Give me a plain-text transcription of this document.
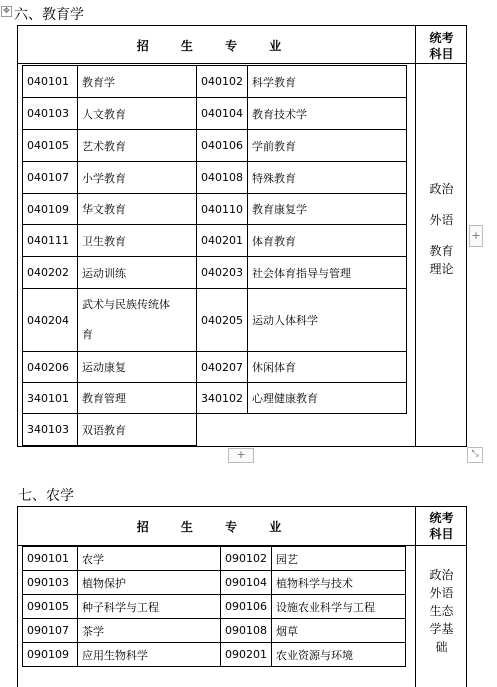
✥ 六、教育学
招 生 专 业
统考
科目
040101	教育学	040102	科学教育
040103	人文教育	040104	教育技术学
040105	艺术教育	040106	学前教育
040107	小学教育	040108	特殊教育
040109	华文教育	040110	教育康复学
040111	卫生教育	040201	体育教育
040202	运动训练	040203	社会体育指导与管理
040204	武术与民族传统体
育	040205	运动人体科学
040206	运动康复	040207	休闲体育
340101	教育管理	340102	心理健康教育
340103	双语教育		
政治
外语
教育
理论
+
+	⤡
七、农学
招 生 专 业
统考
科目
090101	农学	090102	园艺
090103	植物保护	090104	植物科学与技术
090105	种子科学与工程	090106	设施农业科学与工程
090107	茶学	090108	烟草
090109	应用生物科学	090201	农业资源与环境
政治
外语
生态
学基
础
